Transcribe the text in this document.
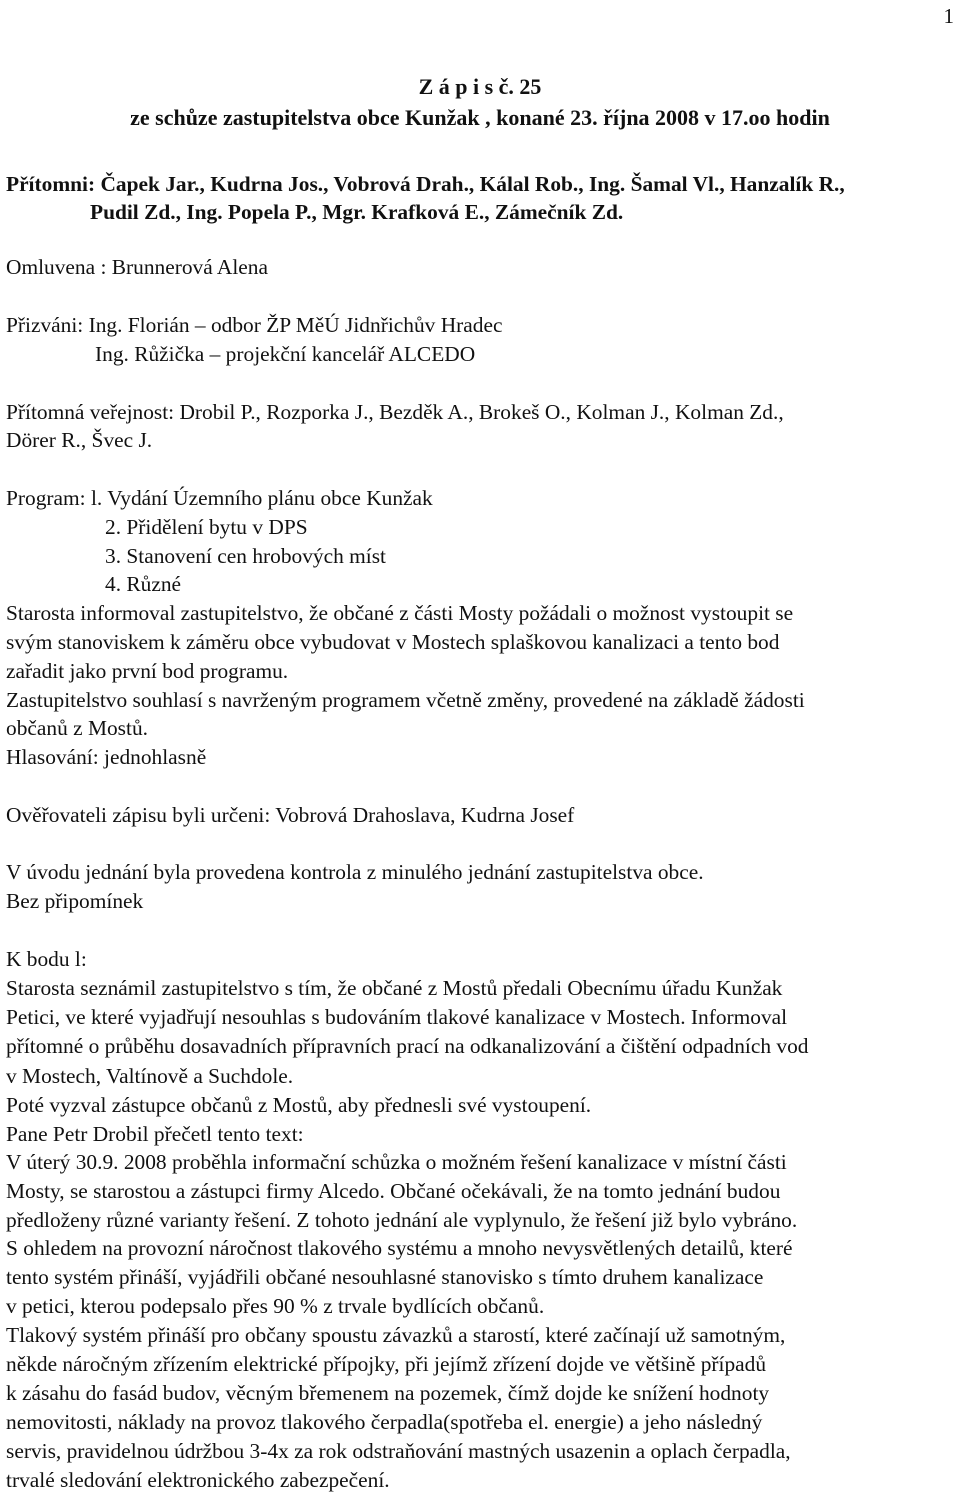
1
Z á p i s č. 25
ze schůze zastupitelstva obce Kunžak , konané 23. října 2008 v 17.oo hodin
Přítomni: Čapek Jar., Kudrna Jos., Vobrová Drah., Kálal Rob., Ing. Šamal Vl., Hanzalík R.,
Pudil Zd., Ing. Popela P., Mgr. Krafková E., Zámečník Zd.
Omluvena : Brunnerová Alena
Přizváni: Ing. Florián – odbor ŽP MěÚ Jidnřichův Hradec
Ing. Růžička – projekční kancelář ALCEDO
Přítomná veřejnost: Drobil P., Rozporka J., Bezděk A., Brokeš O., Kolman J., Kolman Zd.,
Dörer R., Švec J.
Program: l. Vydání Územního plánu obce Kunžak
2. Přidělení bytu v DPS
3. Stanovení cen hrobových míst
4. Různé
Starosta informoval zastupitelstvo, že občané z části Mosty požádali o možnost vystoupit se
svým stanoviskem k záměru obce vybudovat v Mostech splaškovou kanalizaci a tento bod
zařadit jako první bod programu.
Zastupitelstvo souhlasí s navrženým programem včetně změny, provedené na základě žádosti
občanů z Mostů.
Hlasování: jednohlasně
Ověřovateli zápisu byli určeni: Vobrová Drahoslava, Kudrna Josef
V úvodu jednání byla provedena kontrola z minulého jednání zastupitelstva obce.
Bez připomínek
K bodu l:
Starosta seznámil zastupitelstvo s tím, že občané z Mostů předali Obecnímu úřadu Kunžak
Petici, ve které vyjadřují nesouhlas s budováním tlakové kanalizace v Mostech. Informoval
přítomné o průběhu dosavadních přípravních prací na odkanalizování a čištění odpadních vod
v Mostech, Valtínově a Suchdole.
Poté vyzval zástupce občanů z Mostů, aby přednesli své vystoupení.
Pane Petr Drobil přečetl tento text:
V úterý 30.9. 2008 proběhla informační schůzka o možném řešení kanalizace v místní části
Mosty, se starostou a zástupci firmy Alcedo. Občané očekávali, že na tomto jednání budou
předloženy různé varianty řešení. Z tohoto jednání ale vyplynulo, že řešení již bylo vybráno.
S ohledem na provozní náročnost tlakového systému a mnoho nevysvětlených detailů, které
tento systém přináší, vyjádřili občané nesouhlasné stanovisko s tímto druhem kanalizace
v petici, kterou podepsalo přes 90 % z trvale bydlících občanů.
Tlakový systém přináší pro občany spoustu závazků a starostí, které začínají už samotným,
někde náročným zřízením elektrické přípojky, při jejímž zřízení dojde ve většině případů
k zásahu do fasád budov, věcným břemenem na pozemek, čímž dojde ke snížení hodnoty
nemovitosti, náklady na provoz tlakového čerpadla(spotřeba el. energie) a jeho následný
servis, pravidelnou údržbou 3-4x za rok odstraňování mastných usazenin a oplach čerpadla,
trvalé sledování elektronického zabezpečení.
